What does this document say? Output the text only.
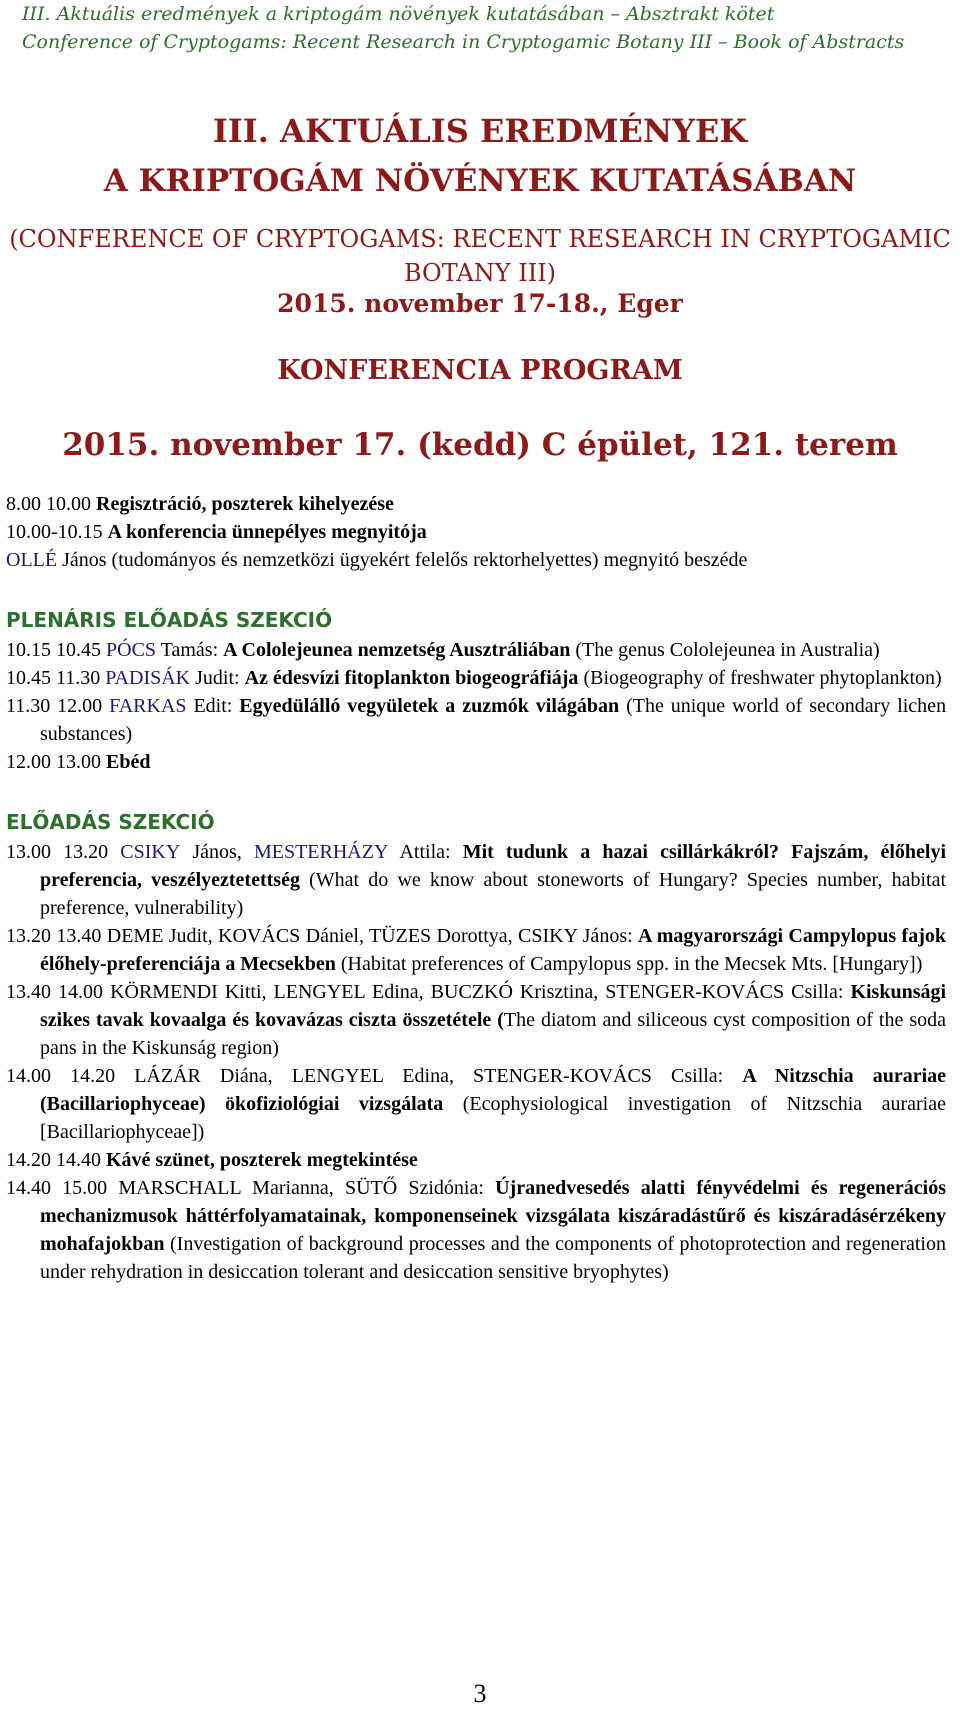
III. Aktuális eredmények a kriptogám növények kutatásában – Absztrakt kötet
Conference of Cryptogams: Recent Research in Cryptogamic Botany III – Book of Abstracts
III. AKTUÁLIS EREDMÉNYEK
A KRIPTOGÁM NÖVÉNYEK KUTATÁSÁBAN
(CONFERENCE OF CRYPTOGAMS: RECENT RESEARCH IN CRYPTOGAMIC BOTANY III)
2015. november 17-18., Eger
KONFERENCIA PROGRAM
2015. november 17. (kedd) C épület, 121. terem

8.00 10.00 Regisztráció, poszterek kihelyezése

10.00-10.15 A konferencia ünnepélyes megnyitója

OLLÉ János (tudományos és nemzetközi ügyekért felelős rektorhelyettes) megnyitó beszéde

PLENÁRIS ELŐADÁS SZEKCIÓ

10.15 10.45 PÓCS Tamás: A Cololejeunea nemzetség Ausztráliában (The genus Cololejeunea in Australia)

10.45 11.30 PADISÁK Judit: Az édesvízi fitoplankton biogeográfiája (Biogeography of freshwater phytoplankton)

11.30 12.00 FARKAS Edit: Egyedülálló vegyületek a zuzmók világában (The unique world of secondary lichen substances)

12.00 13.00 Ebéd

ELŐADÁS SZEKCIÓ

13.00 13.20 CSIKY János, MESTERHÁZY Attila: Mit tudunk a hazai csillárkákról? Fajszám, élőhelyi preferencia, veszélyeztetettség (What do we know about stoneworts of Hungary? Species number, habitat preference, vulnerability)

13.20 13.40 DEME Judit, KOVÁCS Dániel, TÜZES Dorottya, CSIKY János: A magyarországi Campylopus fajok élőhely-preferenciája a Mecsekben (Habitat preferences of Campylopus spp. in the Mecsek Mts. [Hungary])

13.40 14.00 KÖRMENDI Kitti, LENGYEL Edina, BUCZKÓ Krisztina, STENGER-KOVÁCS Csilla: Kiskunsági szikes tavak kovaalga és kovavázas ciszta összetétele (The diatom and siliceous cyst composition of the soda pans in the Kiskunság region)

14.00 14.20 LÁZÁR Diána, LENGYEL Edina, STENGER-KOVÁCS Csilla: A Nitzschia aurariae (Bacillariophyceae) ökofiziológiai vizsgálata (Ecophysiological investigation of Nitzschia aurariae [Bacillariophyceae])

14.20 14.40 Kávé szünet, poszterek megtekintése

14.40 15.00 MARSCHALL Marianna, SÜTŐ Szidónia: Újranedvesedés alatti fényvédelmi és regenerációs mechanizmusok háttérfolyamatainak, komponenseinek vizsgálata kiszáradástűrő és kiszáradásérzékeny mohafajokban (Investigation of background processes and the components of photoprotection and regeneration under rehydration in desiccation tolerant and desiccation sensitive bryophytes)

3
